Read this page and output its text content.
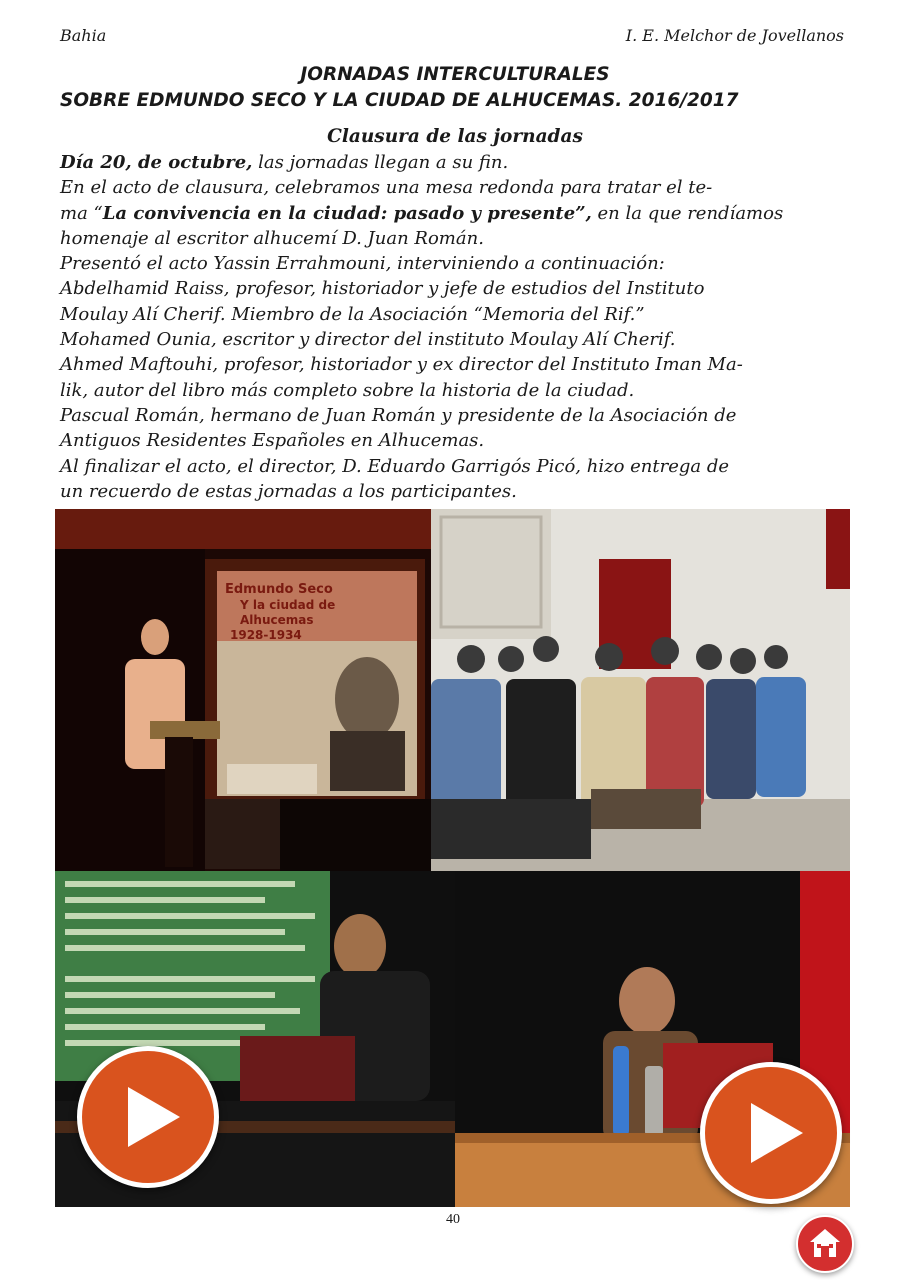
Bahia	I. E. Melchor de Jovellanos
JORNADAS INTERCULTURALES
SOBRE EDMUNDO SECO Y LA CIUDAD DE ALHUCEMAS. 2016/2017
Clausura de las jornadas

Día 20, de octubre, las jornadas llegan a su fin.

En el acto de clausura, celebramos una mesa redonda para tratar el te-

ma “La convivencia en la ciudad: pasado y presente”, en la que rendíamos

homenaje al escritor alhucemí D. Juan Román.

Presentó el acto Yassin Errahmouni, interviniendo a continuación:

Abdelhamid Raiss, profesor, historiador y jefe de estudios del Instituto

Moulay Alí Cherif. Miembro de la Asociación “Memoria del Rif.”

Mohamed Ounia, escritor y director del instituto Moulay Alí Cherif.

Ahmed Maftouhi, profesor, historiador y ex director del Instituto Iman Ma-

lik, autor del libro más completo sobre la historia de la ciudad.

Pascual Román, hermano de Juan Román y presidente de la Asociación de

Antiguos Residentes Españoles en Alhucemas.

Al finalizar el acto, el director, D. Eduardo Garrigós Picó, hizo entrega de

un recuerdo de estas jornadas a los participantes.

Edmundo Seco
Y la ciudad de
Alhucemas
1928-1934
40
